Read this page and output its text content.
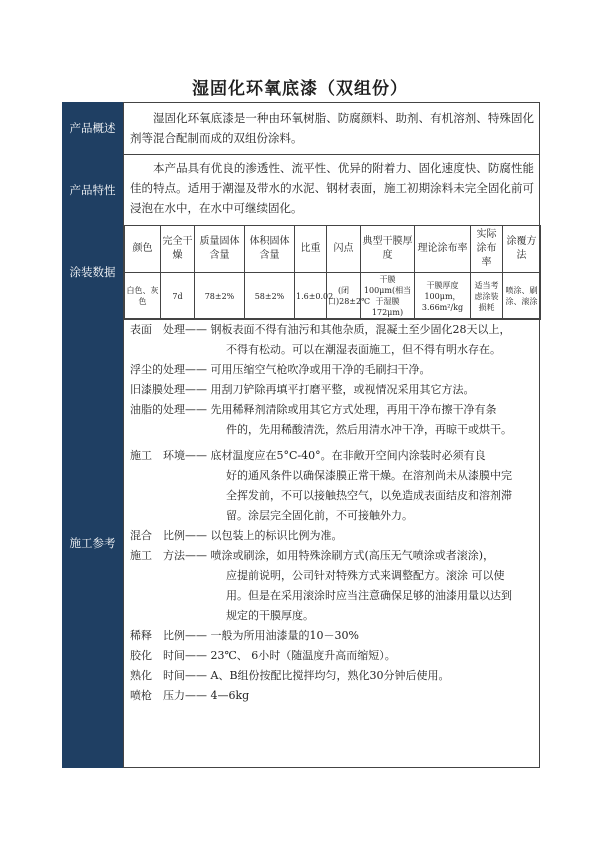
湿固化环氧底漆（双组份）
产品概述
湿固化环氧底漆是一种由环氧树脂、防腐颜料、助剂、有机溶剂、特殊固化剂等混合配制而成的双组份涂料。
产品特性
本产品具有优良的渗透性、流平性、优异的附着力、固化速度快、防腐性能佳的特点。适用于潮湿及带水的水泥、钢材表面，施工初期涂料未完全固化前可浸泡在水中，在水中可继续固化。
涂装数据
颜色	完全干燥	质量固体含量	体积固体含量	比重	闪点	典型干膜厚度	理论涂布率	实际涂布率	涂覆方法
白色、灰色	7d	78±2%	58±2%	1.6±0.02	(闭口)28±2℃	干膜100μm(相当于湿膜172μm)	干膜厚度100μm，3.66m²/kg	适当考虑涂装损耗	喷涂、刷涂、滚涂
施工参考
表面　处理—— 钢板表面不得有油污和其他杂质，混凝土至少固化28天以上，
不得有松动。可以在潮湿表面施工，但不得有明水存在。
浮尘的处理—— 可用压缩空气枪吹净或用干净的毛刷扫干净。
旧漆膜处理—— 用刮刀铲除再填平打磨平整，或视情况采用其它方法。
油脂的处理—— 先用稀释剂清除或用其它方式处理，再用干净布擦干净有条
件的，先用稀酸清洗，然后用清水冲干净，再晾干或烘干。
施工　环境—— 底材温度应在5°C-40°。在非敞开空间内涂装时必须有良
好的通风条件以确保漆膜正常干燥。在溶剂尚未从漆膜中完
全挥发前，不可以接触热空气，以免造成表面结皮和溶剂滞
留。涂层完全固化前，不可接触外力。
混合　比例—— 以包装上的标识比例为准。
施工　方法—— 喷涂或刷涂，如用特殊涂刷方式(高压无气喷涂或者滚涂)，
应提前说明，公司针对特殊方式来调整配方。滚涂 可以使
用。但是在采用滚涂时应当注意确保足够的油漆用量以达到
规定的干膜厚度。
稀释　比例—— 一般为所用油漆量的10－30%
胶化　时间—— 23℃、 6小时（随温度升高而缩短）。
熟化　时间—— A、B组份按配比搅拌均匀，熟化30分钟后使用。
喷枪　压力—— 4—6kg
